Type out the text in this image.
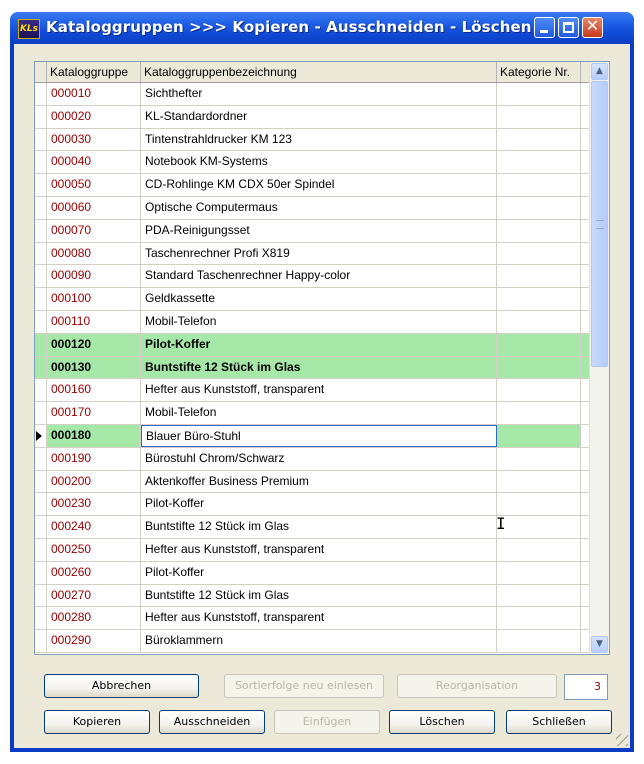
KLs Kataloggruppen >>> Kopieren - Ausschneiden - Löschen	✕
Kataloggruppe	Kataloggruppenbezeichnung	Kategorie Nr.
000010	Sichthefter
000020	KL-Standardordner
000030	Tintenstrahldrucker KM 123
000040	Notebook KM-Systems
000050	CD-Rohlinge KM CDX 50er Spindel
000060	Optische Computermaus
000070	PDA-Reinigungsset
000080	Taschenrechner Profi X819
000090	Standard Taschenrechner Happy-color
000100	Geldkassette
000110	Mobil-Telefon
000120	Pilot-Koffer
000130	Buntstifte 12 Stück im Glas
000160	Hefter aus Kunststoff, transparent
000170	Mobil-Telefon
000180	Blauer Büro-Stuhl
000190	Bürostuhl Chrom/Schwarz
000200	Aktenkoffer Business Premium
000230	Pilot-Koffer
000240	Buntstifte 12 Stück im Glas
000250	Hefter aus Kunststoff, transparent
000260	Pilot-Koffer
000270	Buntstifte 12 Stück im Glas
000280	Hefter aus Kunststoff, transparent
000290	Büroklammern
▲
▼
I
Abbrechen	Sortierfolge neu einlesen	Reorganisation	3
Kopieren	Ausschneiden	Einfügen	Löschen	Schließen
